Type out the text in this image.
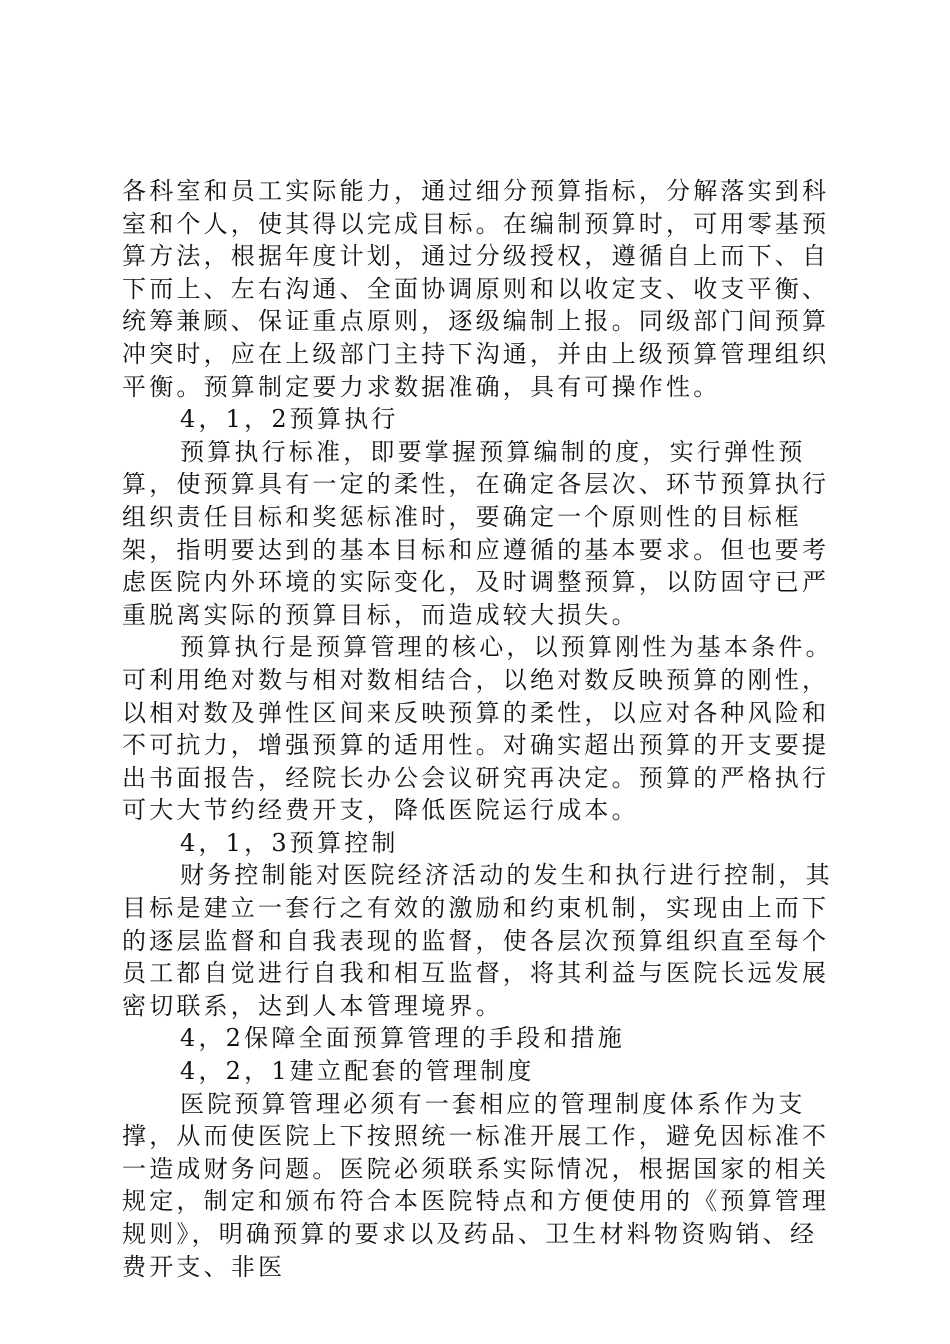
各科室和员工实际能力，通过细分预算指标，分解落实到科室和个人，使其得以完成目标。在编制预算时，可用零基预算方法，根据年度计划，通过分级授权，遵循自上而下、自下而上、左右沟通、全面协调原则和以收定支、收支平衡、统筹兼顾、保证重点原则，逐级编制上报。同级部门间预算冲突时，应在上级部门主持下沟通，并由上级预算管理组织平衡。预算制定要力求数据准确，具有可操作性。

4，1，2预算执行

预算执行标准，即要掌握预算编制的度，实行弹性预算，使预算具有一定的柔性，在确定各层次、环节预算执行组织责任目标和奖惩标准时，要确定一个原则性的目标框架，指明要达到的基本目标和应遵循的基本要求。但也要考虑医院内外环境的实际变化，及时调整预算，以防固守已严重脱离实际的预算目标，而造成较大损失。

预算执行是预算管理的核心，以预算刚性为基本条件。可利用绝对数与相对数相结合，以绝对数反映预算的刚性，以相对数及弹性区间来反映预算的柔性，以应对各种风险和不可抗力，增强预算的适用性。对确实超出预算的开支要提出书面报告，经院长办公会议研究再决定。预算的严格执行可大大节约经费开支，降低医院运行成本。

4，1，3预算控制

财务控制能对医院经济活动的发生和执行进行控制，其目标是建立一套行之有效的激励和约束机制，实现由上而下的逐层监督和自我表现的监督，使各层次预算组织直至每个员工都自觉进行自我和相互监督，将其利益与医院长远发展密切联系，达到人本管理境界。

4，2保障全面预算管理的手段和措施

4，2，1建立配套的管理制度

医院预算管理必须有一套相应的管理制度体系作为支撑，从而使医院上下按照统一标准开展工作，避免因标准不一造成财务问题。医院必须联系实际情况，根据国家的相关规定，制定和颁布符合本医院特点和方便使用的《预算管理规则》，明确预算的要求以及药品、卫生材料物资购销、经费开支、非医
